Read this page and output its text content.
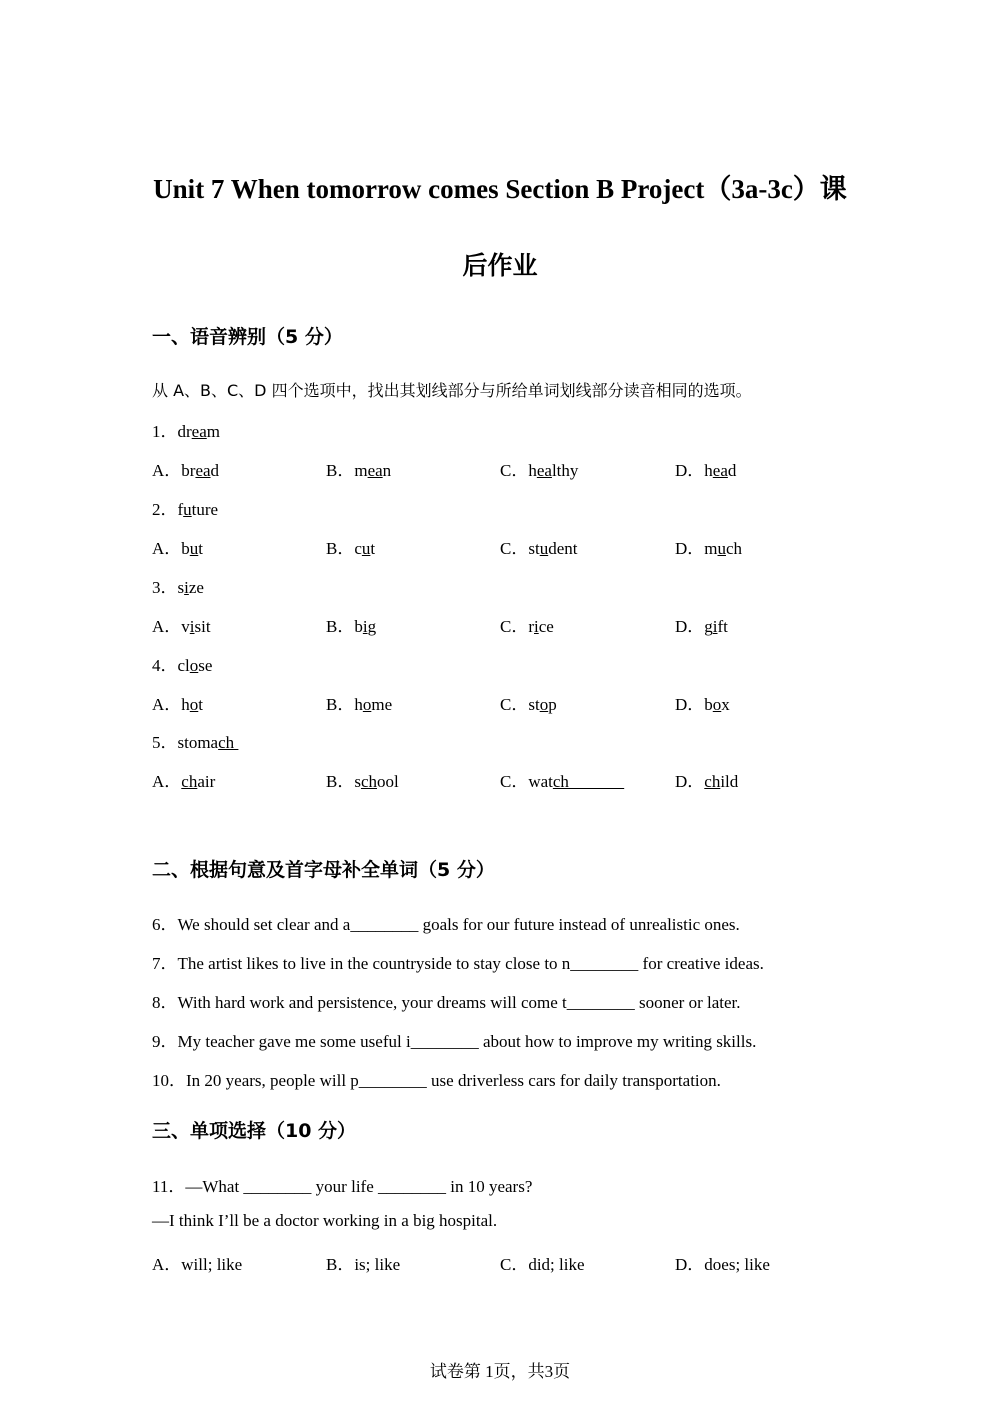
Unit 7 When tomorrow comes Section B Project（3a-3c）课
后作业
一、语音辨别（5 分）
从 A、B、C、D 四个选项中，找出其划线部分与所给单词划线部分读音相同的选项。
1．dream
A．bread	B．mean	C．healthy	D．head
2．future
A．but	B．cut	C．student	D．much
3．size
A．visit	B．big	C．rice	D．gift
4．close
A．hot	B．home	C．stop	D．box
5．stomach
A．chair	B．school	C．watch	D．child
二、根据句意及首字母补全单词（5 分）
6．We should set clear and a________ goals for our future instead of unrealistic ones.
7．The artist likes to live in the countryside to stay close to n________ for creative ideas.
8．With hard work and persistence, your dreams will come t________ sooner or later.
9．My teacher gave me some useful i________ about how to improve my writing skills.
10．In 20 years, people will p________ use driverless cars for daily transportation.
三、单项选择（10 分）
11．—What ________ your life ________ in 10 years?
—I think I’ll be a doctor working in a big hospital.
A．will; like	B．is; like	C．did; like	D．does; like
试卷第 1页，共3页
